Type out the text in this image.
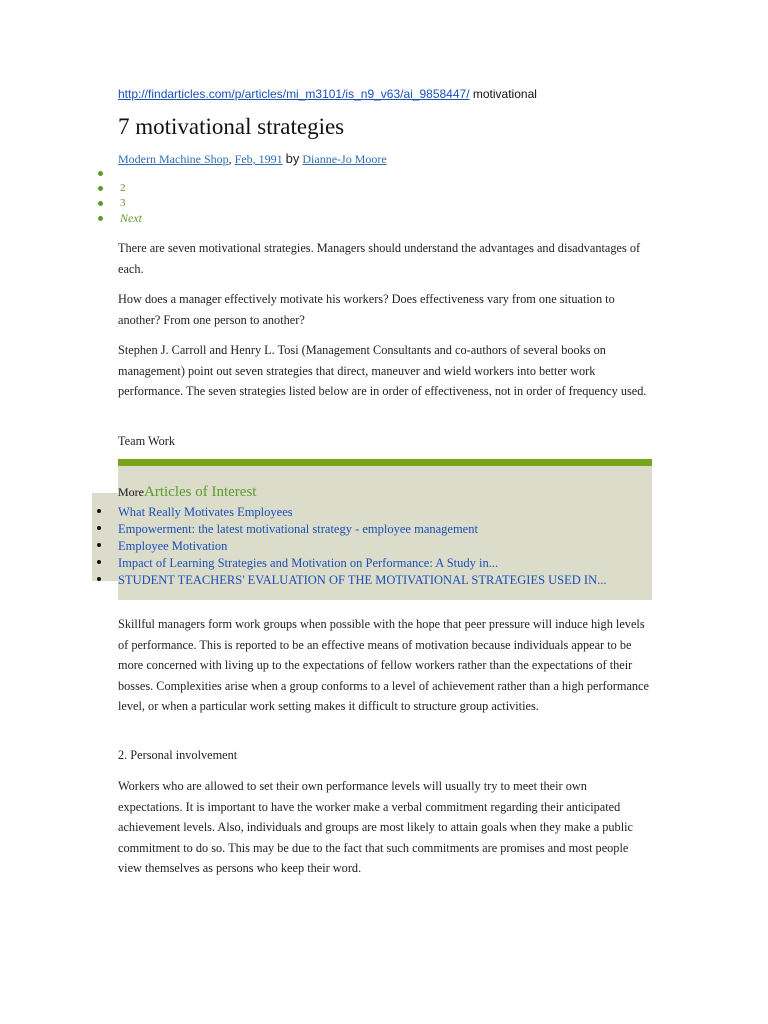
http://findarticles.com/p/articles/mi_m3101/is_n9_v63/ai_9858447/ motivational
7 motivational strategies
Modern Machine Shop, Feb, 1991 by Dianne-Jo Moore
2
3
Next

There are seven motivational strategies. Managers should understand the advantages and disadvantages of each.

How does a manager effectively motivate his workers? Does effectiveness vary from one situation to another? From one person to another?

Stephen J. Carroll and Henry L. Tosi (Management Consultants and co-authors of several books on management) point out seven strategies that direct, maneuver and wield workers into better work performance. The seven strategies listed below are in order of effectiveness, not in order of frequency used.

Team Work

MoreArticles of Interest
What Really Motivates Employees
Empowerment: the latest motivational strategy - employee management
Employee Motivation
Impact of Learning Strategies and Motivation on Performance: A Study in...
STUDENT TEACHERS' EVALUATION OF THE MOTIVATIONAL STRATEGIES USED IN...

Skillful managers form work groups when possible with the hope that peer pressure will induce high levels of performance. This is reported to be an effective means of motivation because individuals appear to be more concerned with living up to the expectations of fellow workers rather than the expectations of their bosses. Complexities arise when a group conforms to a level of achievement rather than a high performance level, or when a particular work setting makes it difficult to structure group activities.

2. Personal involvement

Workers who are allowed to set their own performance levels will usually try to meet their own expectations. It is important to have the worker make a verbal commitment regarding their anticipated achievement levels. Also, individuals and groups are most likely to attain goals when they make a public commitment to do so. This may be due to the fact that such commitments are promises and most people view themselves as persons who keep their word.
